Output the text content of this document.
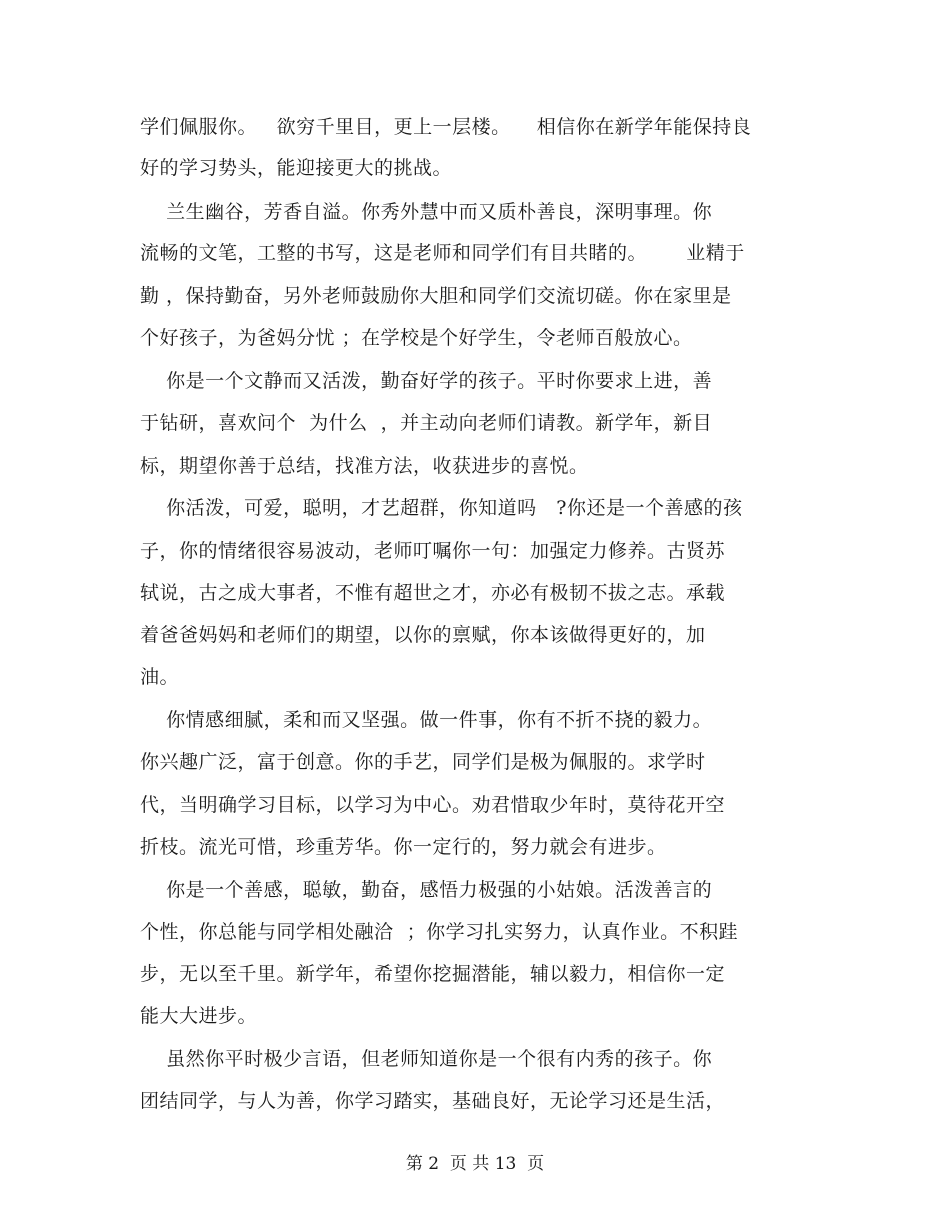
学们佩服你。   欲穷千里目，更上一层楼。    相信你在新学年能保持良
好的学习势头，能迎接更大的挑战。
兰生幽谷，芳香自溢。你秀外慧中而又质朴善良，深明事理。你
流畅的文笔，工整的书写，这是老师和同学们有目共睹的。      业精于
勤 ，保持勤奋，另外老师鼓励你大胆和同学们交流切磋。你在家里是
个好孩子，为爸妈分忧 ；在学校是个好学生，令老师百般放心。
你是一个文静而又活泼，勤奋好学的孩子。平时你要求上进，善
于钻研，喜欢问个  为什么  ，并主动向老师们请教。新学年，新目
标，期望你善于总结，找准方法，收获进步的喜悦。
你活泼，可爱，聪明，才艺超群，你知道吗   ?你还是一个善感的孩
子，你的情绪很容易波动，老师叮嘱你一句：加强定力修养。古贤苏
轼说，古之成大事者，不惟有超世之才，亦必有极韧不拔之志。承载
着爸爸妈妈和老师们的期望，以你的禀赋，你本该做得更好的，加
油。
你情感细腻，柔和而又坚强。做一件事，你有不折不挠的毅力。
你兴趣广泛，富于创意。你的手艺，同学们是极为佩服的。求学时
代，当明确学习目标，以学习为中心。劝君惜取少年时，莫待花开空
折枝。流光可惜，珍重芳华。你一定行的，努力就会有进步。
你是一个善感，聪敏，勤奋，感悟力极强的小姑娘。活泼善言的
个性，你总能与同学相处融洽  ；你学习扎实努力，认真作业。不积跬
步，无以至千里。新学年，希望你挖掘潜能，辅以毅力，相信你一定
能大大进步。
虽然你平时极少言语，但老师知道你是一个很有内秀的孩子。你
团结同学，与人为善，你学习踏实，基础良好，无论学习还是生活，
第 2  页 共 13  页
